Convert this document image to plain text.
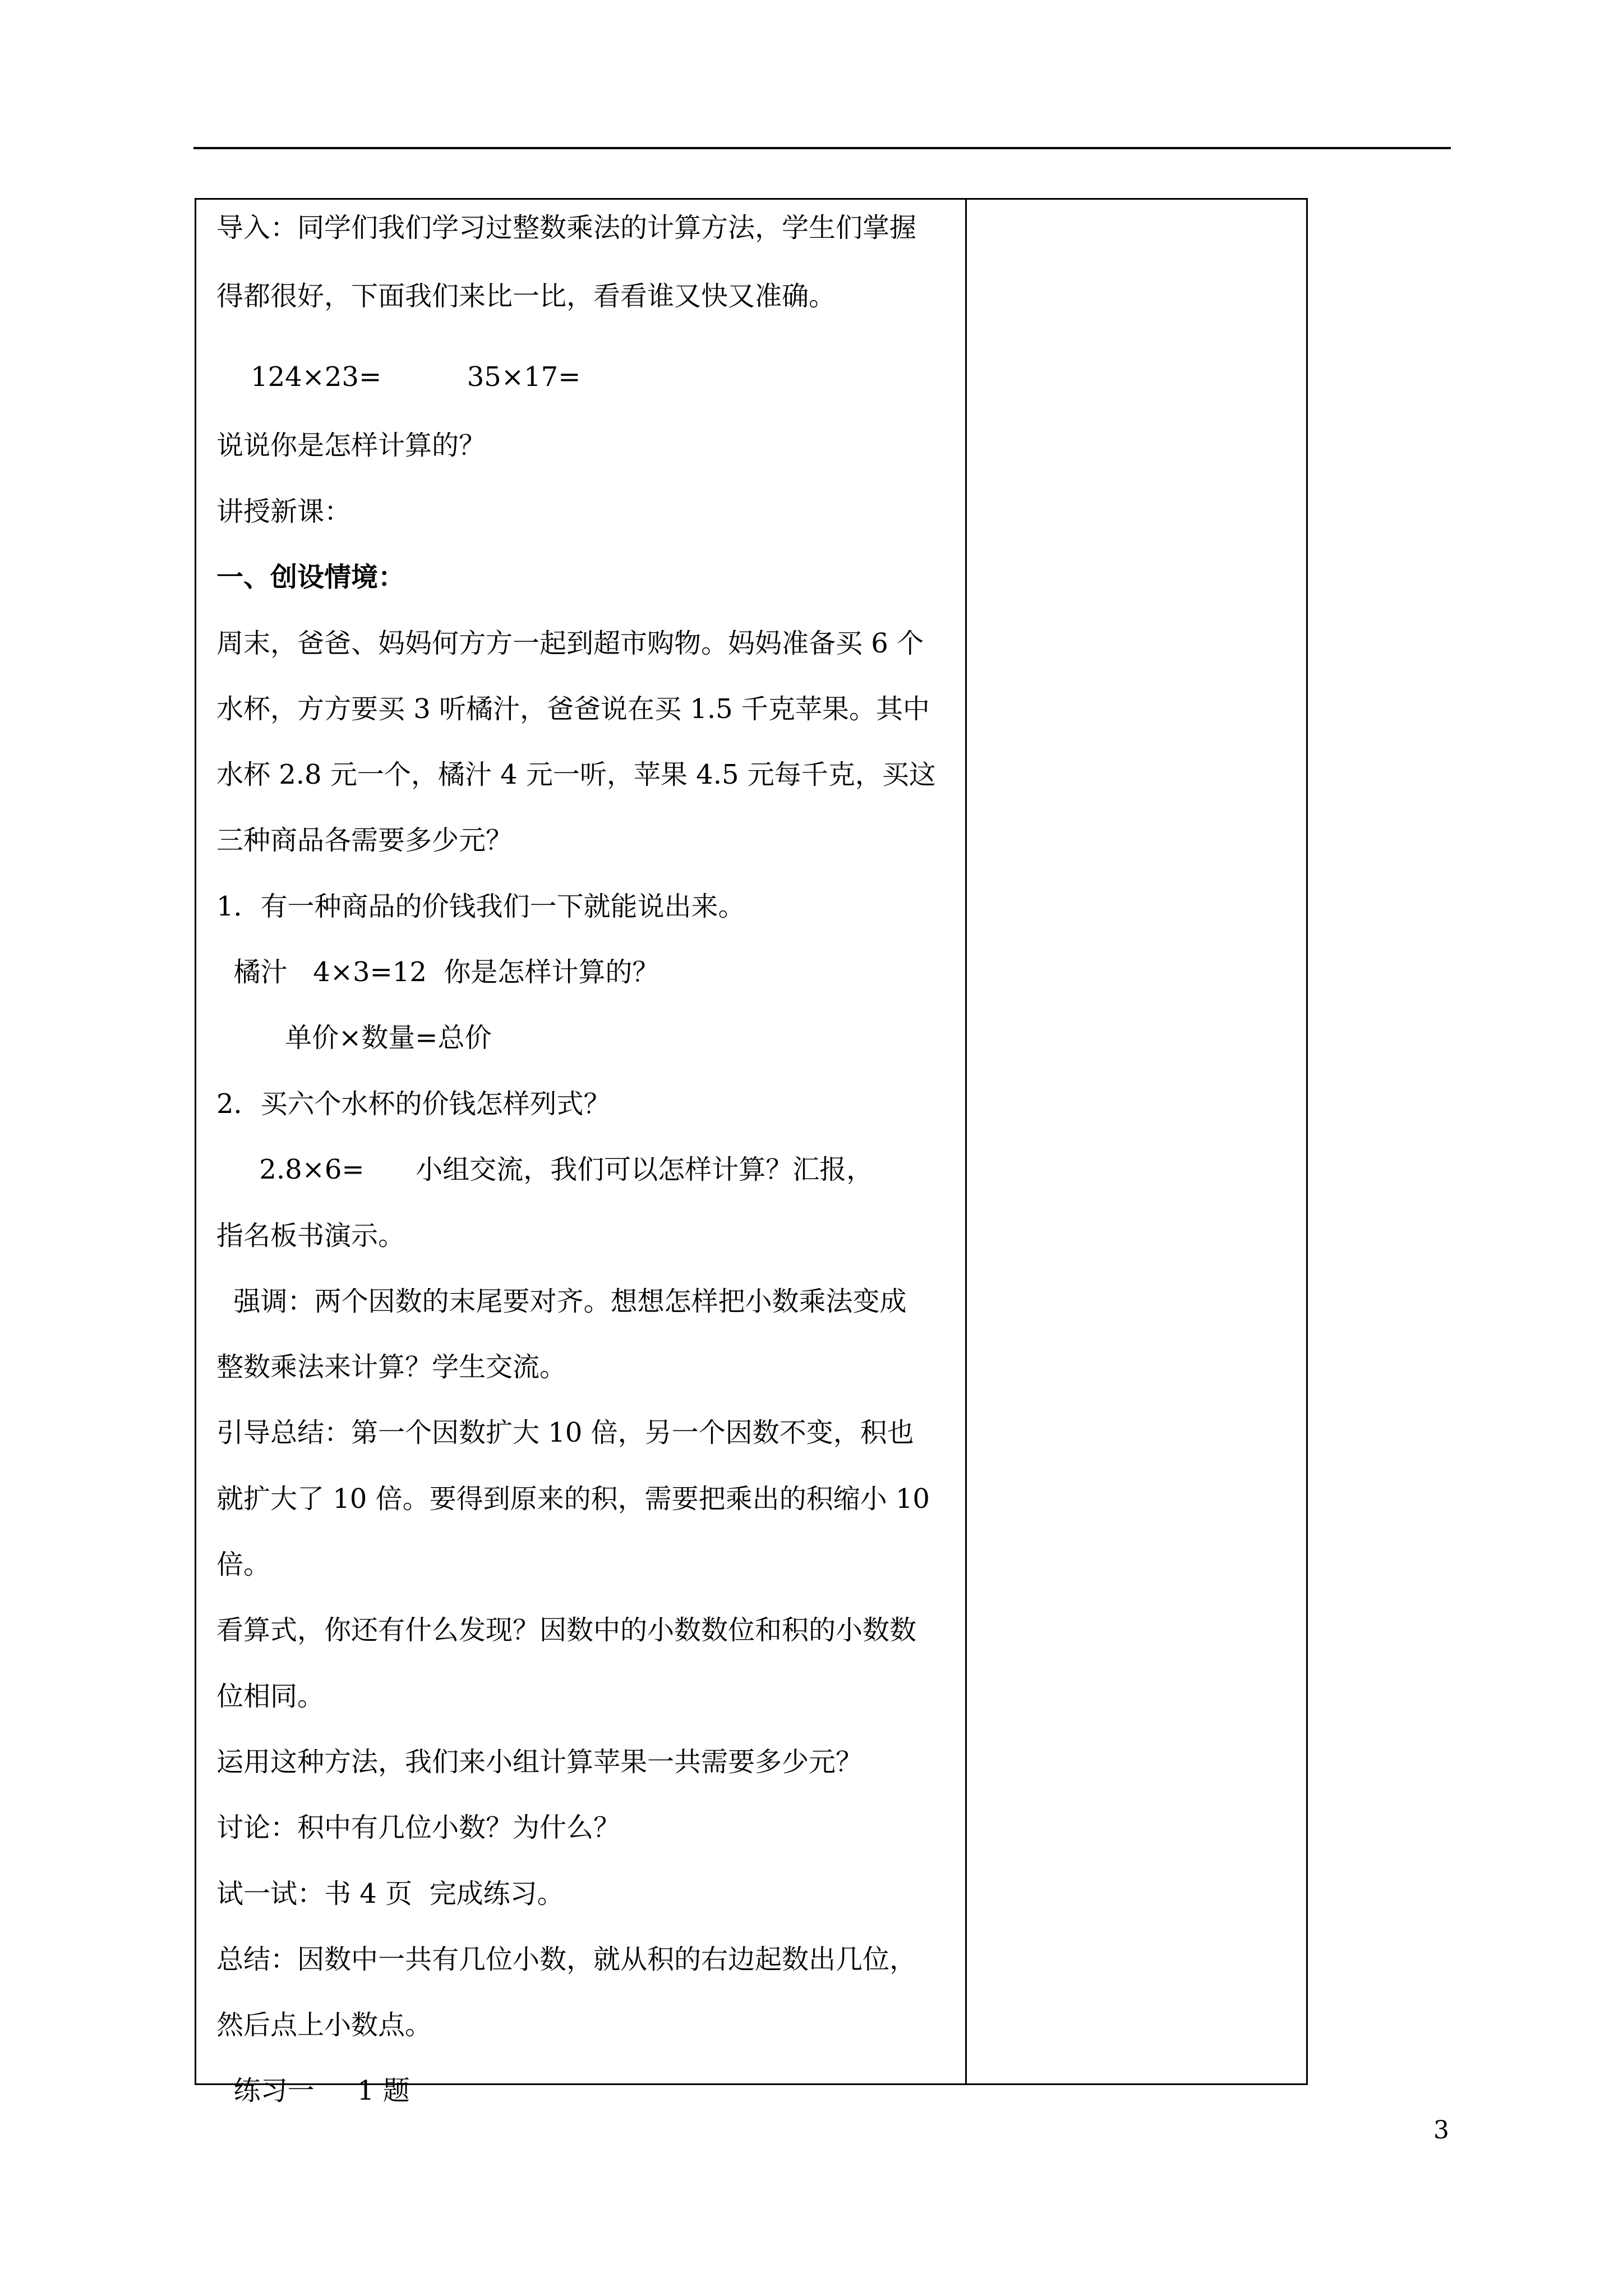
导入：同学们我们学习过整数乘法的计算方法，学生们掌握
得都很好，下面我们来比一比，看看谁又快又准确。
124×23=          35×17=
说说你是怎样计算的？
讲授新课：
一、创设情境：
周末，爸爸、妈妈何方方一起到超市购物。妈妈准备买 6 个
水杯，方方要买 3 听橘汁，爸爸说在买 1.5 千克苹果。其中
水杯 2.8 元一个，橘汁 4 元一听，苹果 4.5 元每千克，买这
三种商品各需要多少元？
1．有一种商品的价钱我们一下就能说出来。
橘汁   4×3=12  你是怎样计算的？
单价×数量=总价
2．买六个水杯的价钱怎样列式？
2.8×6=      小组交流，我们可以怎样计算？汇报，
指名板书演示。
强调：两个因数的末尾要对齐。想想怎样把小数乘法变成
整数乘法来计算？学生交流。
引导总结：第一个因数扩大 10 倍，另一个因数不变，积也
就扩大了 10 倍。要得到原来的积，需要把乘出的积缩小 10
倍。
看算式，你还有什么发现？因数中的小数数位和积的小数数
位相同。
运用这种方法，我们来小组计算苹果一共需要多少元？
讨论：积中有几位小数？为什么？
试一试：书 4 页  完成练习。
总结：因数中一共有几位小数，就从积的右边起数出几位，
然后点上小数点。
练习一     1 题
3
